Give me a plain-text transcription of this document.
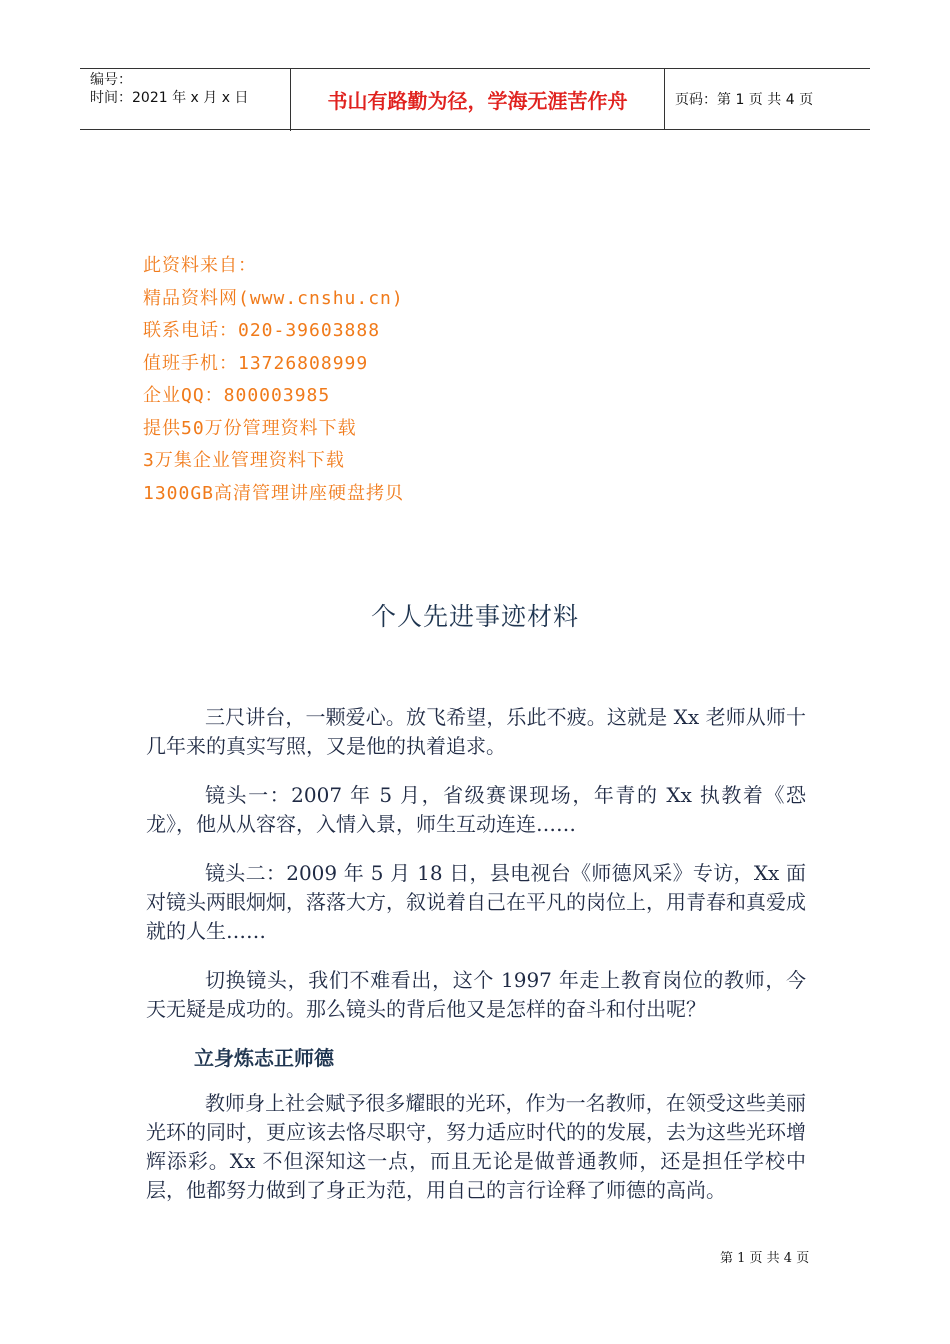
编号：
时间：2021 年 x 月 x 日	书山有路勤为径，学海无涯苦作舟	页码：第 1 页 共 4 页
此资料来自：
精品资料网(www.cnshu.cn)
联系电话：020-39603888
值班手机：13726808999
企业QQ：800003985
提供50万份管理资料下载
3万集企业管理资料下载
1300GB高清管理讲座硬盘拷贝
个人先进事迹材料

三尺讲台，一颗爱心。放飞希望，乐此不疲。这就是 Xx 老师从师十几年来的真实写照，又是他的执着追求。

镜头一：2007 年 5 月，省级赛课现场，年青的 Xx 执教着《恐龙》，他从从容容，入情入景，师生互动连连……

镜头二：2009 年 5 月 18 日，县电视台《师德风采》专访，Xx 面对镜头两眼炯炯，落落大方，叙说着自己在平凡的岗位上，用青春和真爱成就的人生……

切换镜头，我们不难看出，这个 1997 年走上教育岗位的教师，今天无疑是成功的。那么镜头的背后他又是怎样的奋斗和付出呢？

立身炼志正师德

教师身上社会赋予很多耀眼的光环，作为一名教师，在领受这些美丽光环的同时，更应该去恪尽职守，努力适应时代的的发展，去为这些光环增辉添彩。Xx 不但深知这一点，而且无论是做普通教师，还是担任学校中层，他都努力做到了身正为范，用自己的言行诠释了师德的高尚。

第 1 页 共 4 页
